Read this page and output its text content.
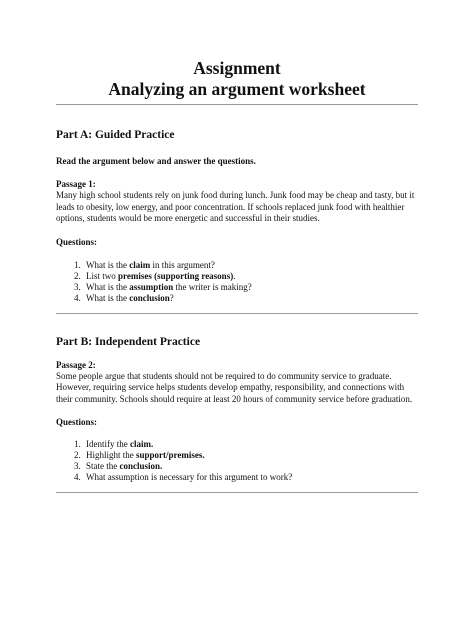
Assignment
Analyzing an argument worksheet
Part A: Guided Practice
Read the argument below and answer the questions.
Passage 1:

Many high school students rely on junk food during lunch. Junk food may be cheap and tasty, but it leads to obesity, low energy, and poor concentration. If schools replaced junk food with healthier options, students would be more energetic and successful in their studies.

Questions:
1. What is the claim in this argument?
2. List two premises (supporting reasons).
3. What is the assumption the writer is making?
4. What is the conclusion?
Part B: Independent Practice
Passage 2:

Some people argue that students should not be required to do community service to graduate. However, requiring service helps students develop empathy, responsibility, and connections with their community. Schools should require at least 20 hours of community service before graduation.

Questions:
1. Identify the claim.
2. Highlight the support/premises.
3. State the conclusion.
4. What assumption is necessary for this argument to work?
